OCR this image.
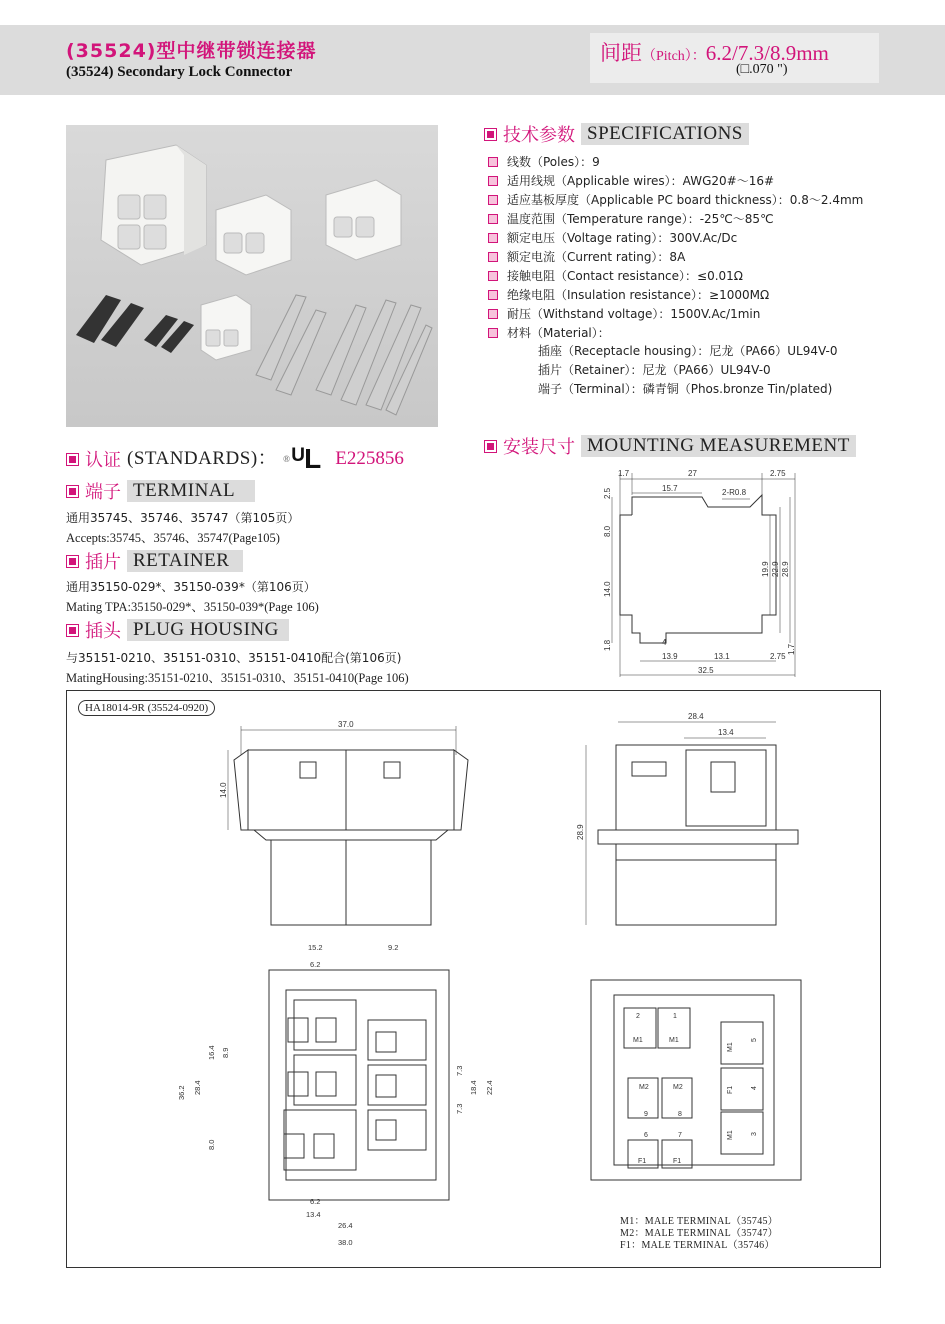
(35524)型中继带锁连接器
(35524) Secondary Lock Connector
间距（Pitch）：6.2/7.3/8.9mm
(□.070 ")
技术参数 SPECIFICATIONS
线数（Poles）：9
适用线规（Applicable wires）：AWG20#～16#
适应基板厚度（Applicable PC board thickness）：0.8～2.4mm
温度范围（Temperature range）：-25℃～85℃
额定电压（Voltage rating）：300V.Ac/Dc
额定电流（Current rating）：8A
接触电阻（Contact resistance）：≤0.01Ω
绝缘电阻（Insulation resistance）：≥1000MΩ
耐压（Withstand voltage）：1500V.Ac/1min
材料（Material）：
插座（Receptacle housing）：尼龙（PA66）UL94V-0
插片（Retainer）：尼龙（PA66）UL94V-0
端子（Terminal）：磷青铜（Phos.bronze Tin/plated)
认证 (STANDARDS)： ® ᵁL E225856
端子 TERMINAL
通用35745、35746、35747（第105页）
Accepts:35745、35746、35747(Page105)
插片 RETAINER
通用35150-029*、35150-039*（第106页）
Mating TPA:35150-029*、35150-039*(Page 106)
插头 PLUG HOUSING
与35151-0210、35151-0310、35151-0410配合(第106页)
MatingHousing:35151-0210、35151-0310、35151-0410(Page 106)
安装尺寸 MOUNTING MEASUREMENT
1.7	27	2.75
15.7	2-R0.8
2.5
8.0
14.0
1.8
19.9 22.9 28.9
4
13.9	13.1	2.75
1.7
32.5
HA18014-9R (35524-0920)
37.0
14.0
28.4
13.4
28.9
15.2	9.2
6.2
36.2 28.4
16.4 8.9
8.0
7.3
7.3
18.4 22.4
6.2
13.4
26.4
38.0
M1	M1
2	1
M2	M2
9	8
6	7
F1	F1
M1
5
F1 4
M1 3
M1：MALE TERMINAL（35745）
M2：MALE TERMINAL（35747）
F1：MALE TERMINAL（35746）
